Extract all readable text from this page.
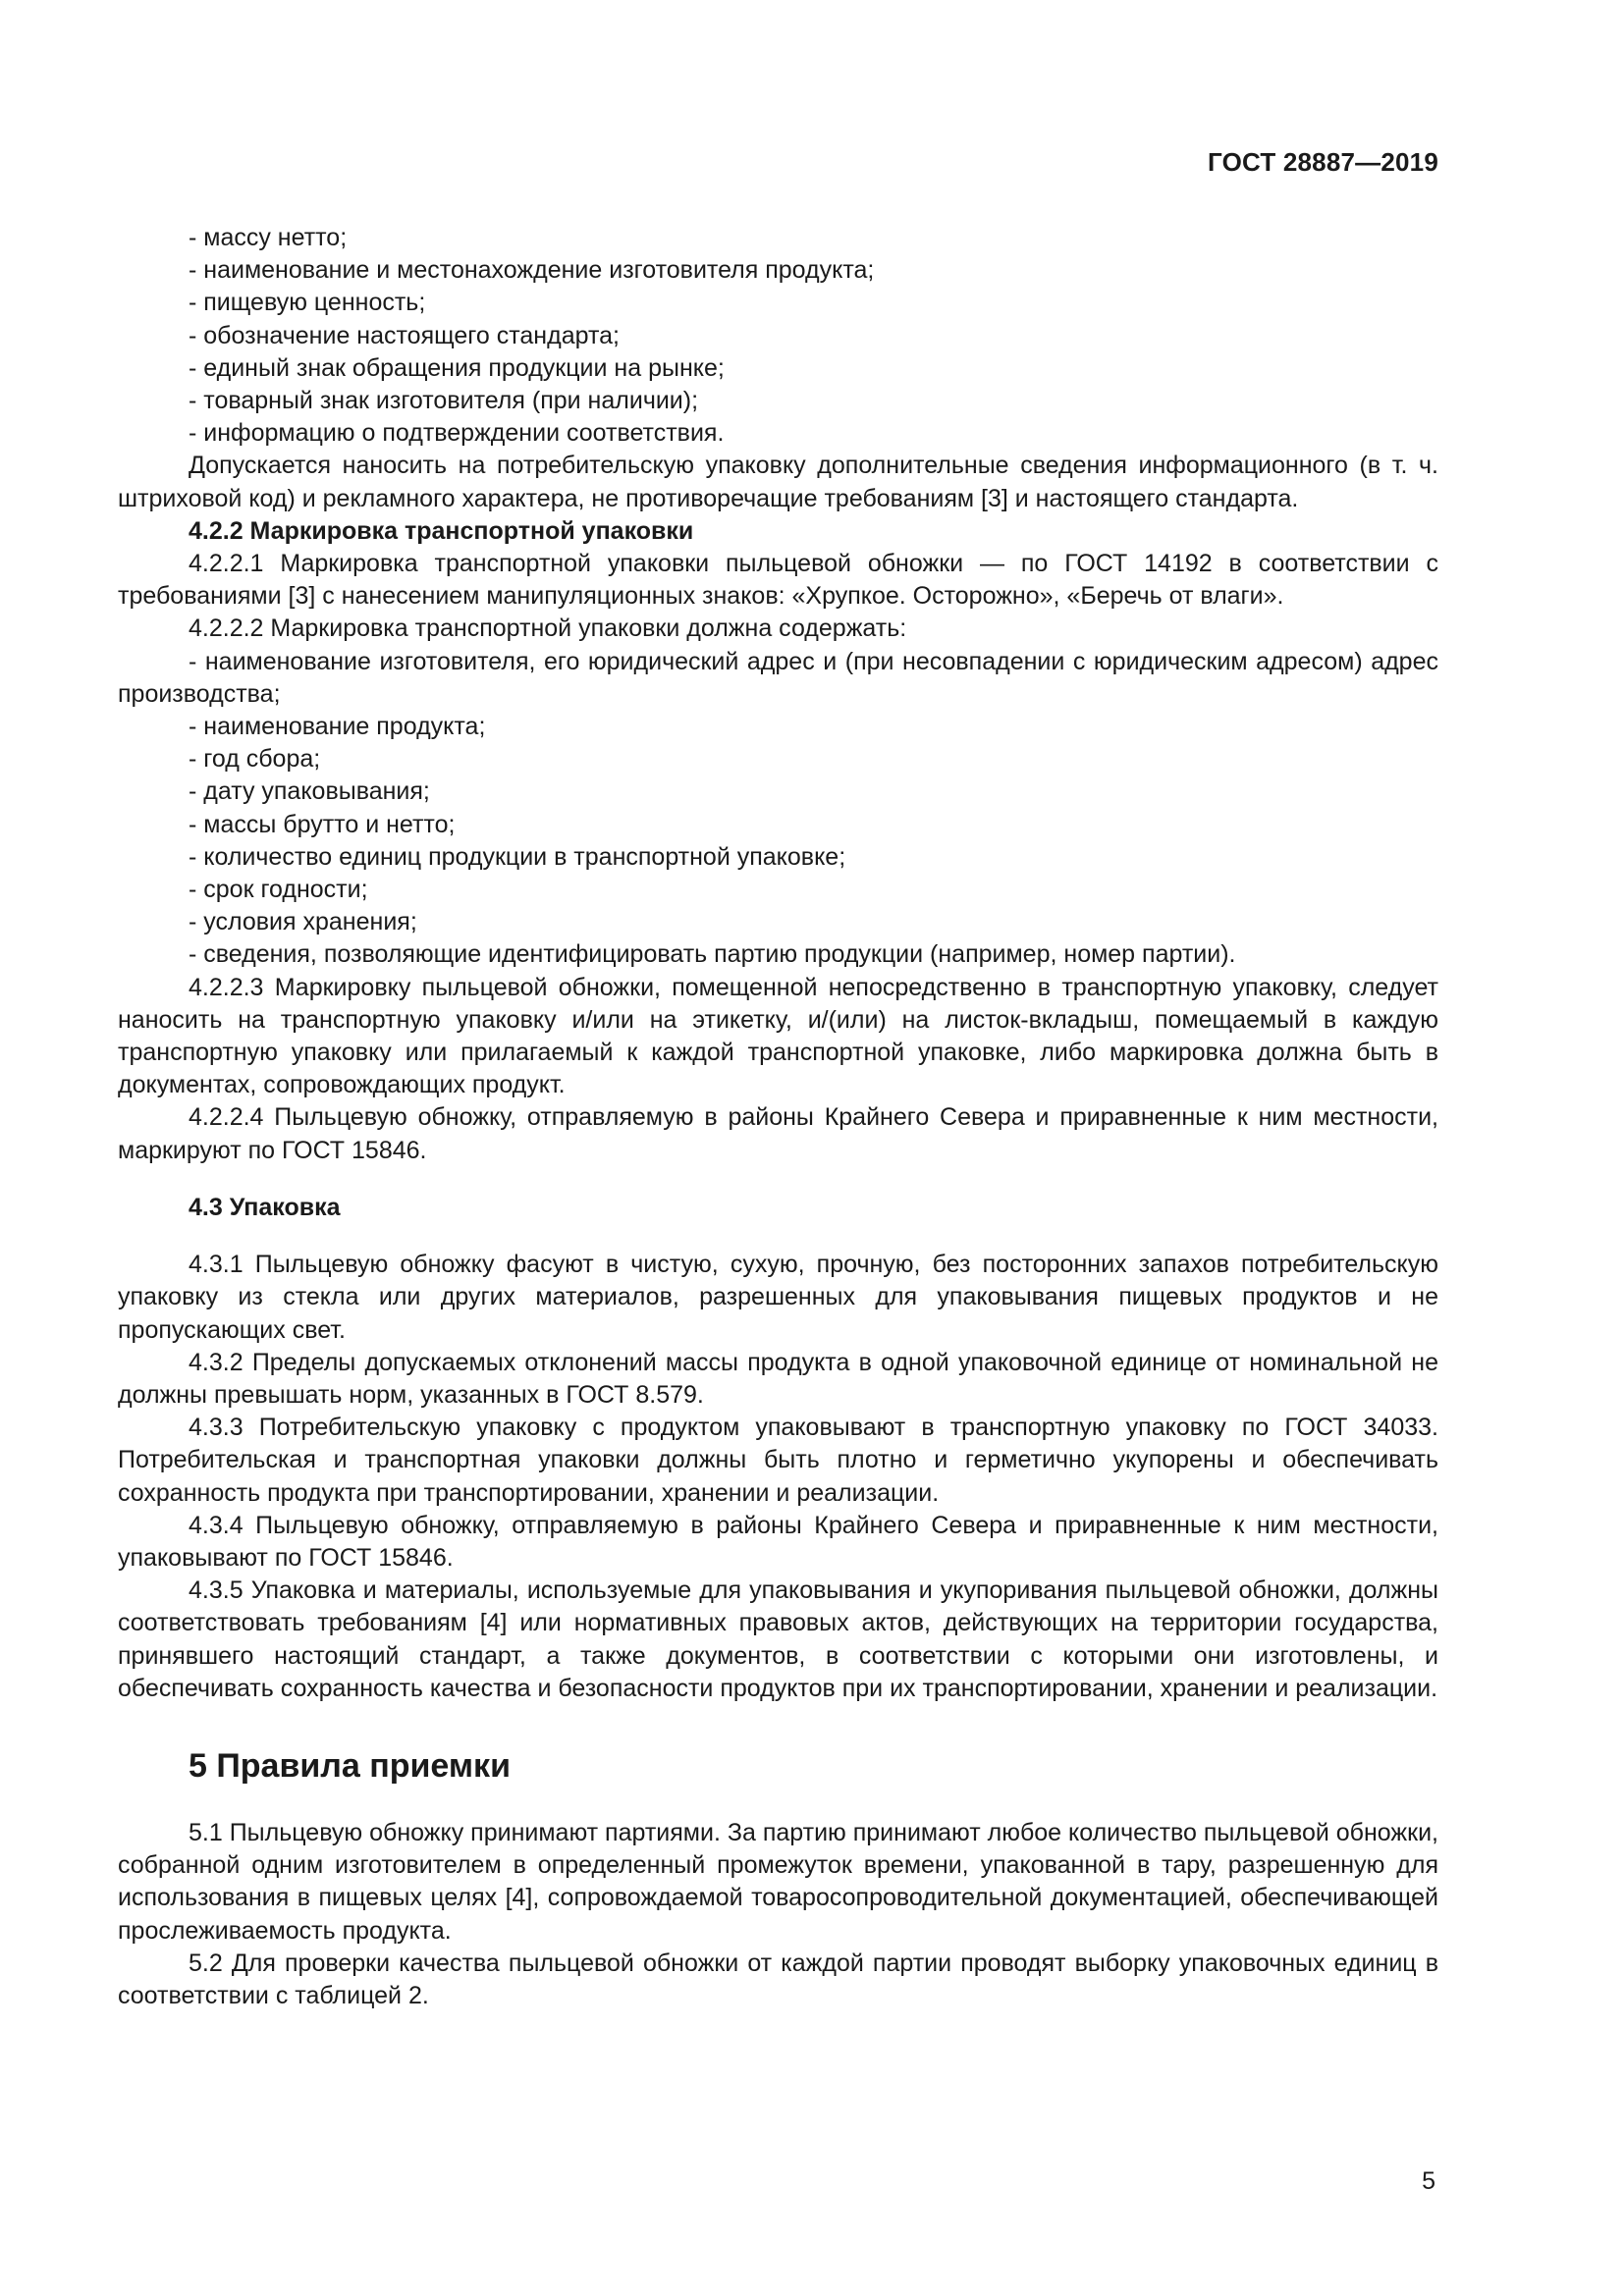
ГОСТ 28887—2019

- массу нетто;

- наименование и местонахождение изготовителя продукта;

- пищевую ценность;

- обозначение настоящего стандарта;

- единый знак обращения продукции на рынке;

- товарный знак изготовителя (при наличии);

- информацию о подтверждении соответствия.

Допускается наносить на потребительскую упаковку дополнительные сведения информационного (в т. ч. штриховой код) и рекламного характера, не противоречащие требованиям [3] и настоящего стандарта.

4.2.2 Маркировка транспортной упаковки

4.2.2.1 Маркировка транспортной упаковки пыльцевой обножки — по ГОСТ 14192 в соответствии с требованиями [3] с нанесением манипуляционных знаков: «Хрупкое. Осторожно», «Беречь от влаги».

4.2.2.2 Маркировка транспортной упаковки должна содержать:

- наименование изготовителя, его юридический адрес и (при несовпадении с юридическим адресом) адрес производства;

- наименование продукта;

- год сбора;

- дату упаковывания;

- массы брутто и нетто;

- количество единиц продукции в транспортной упаковке;

- срок годности;

- условия хранения;

- сведения, позволяющие идентифицировать партию продукции (например, номер партии).

4.2.2.3 Маркировку пыльцевой обножки, помещенной непосредственно в транспортную упаковку, следует наносить на транспортную упаковку и/или на этикетку, и/(или) на листок-вкладыш, помещаемый в каждую транспортную упаковку или прилагаемый к каждой транспортной упаковке, либо маркировка должна быть в документах, сопровождающих продукт.

4.2.2.4 Пыльцевую обножку, отправляемую в районы Крайнего Севера и приравненные к ним местности, маркируют по ГОСТ 15846.

4.3 Упаковка

4.3.1 Пыльцевую обножку фасуют в чистую, сухую, прочную, без посторонних запахов потребительскую упаковку из стекла или других материалов, разрешенных для упаковывания пищевых продуктов и не пропускающих свет.

4.3.2 Пределы допускаемых отклонений массы продукта в одной упаковочной единице от номинальной не должны превышать норм, указанных в ГОСТ 8.579.

4.3.3 Потребительскую упаковку с продуктом упаковывают в транспортную упаковку по ГОСТ 34033. Потребительская и транспортная упаковки должны быть плотно и герметично укупорены и обеспечивать сохранность продукта при транспортировании, хранении и реализации.

4.3.4 Пыльцевую обножку, отправляемую в районы Крайнего Севера и приравненные к ним местности, упаковывают по ГОСТ 15846.

4.3.5 Упаковка и материалы, используемые для упаковывания и укупоривания пыльцевой обножки, должны соответствовать требованиям [4] или нормативных правовых актов, действующих на территории государства, принявшего настоящий стандарт, а также документов, в соответствии с которыми они изготовлены, и обеспечивать сохранность качества и безопасности продуктов при их транспортировании, хранении и реализации.

5 Правила приемки

5.1 Пыльцевую обножку принимают партиями. За партию принимают любое количество пыльцевой обножки, собранной одним изготовителем в определенный промежуток времени, упакованной в тару, разрешенную для использования в пищевых целях [4], сопровождаемой товаросопроводительной документацией, обеспечивающей прослеживаемость продукта.

5.2 Для проверки качества пыльцевой обножки от каждой партии проводят выборку упаковочных единиц в соответствии с таблицей 2.

5
